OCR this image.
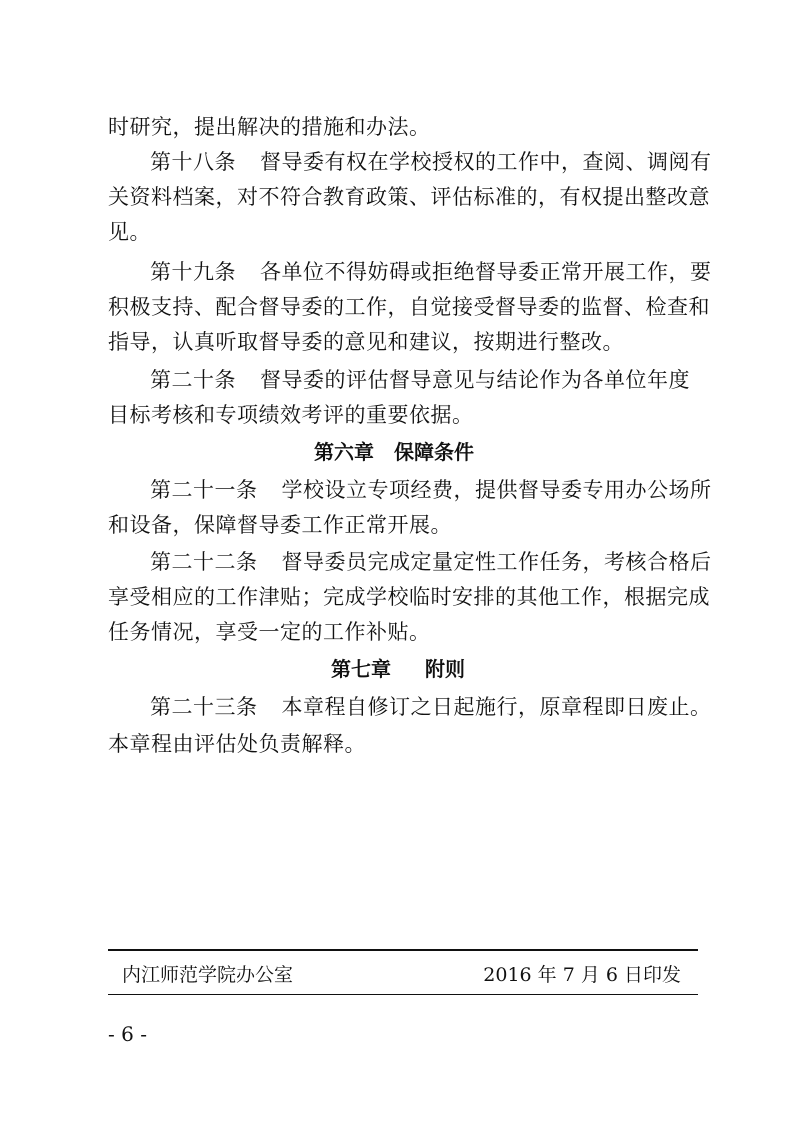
时研究，提出解决的措施和办法。
第十八条 督导委有权在学校授权的工作中，查阅、调阅有
关资料档案，对不符合教育政策、评估标准的，有权提出整改意
见。
第十九条 各单位不得妨碍或拒绝督导委正常开展工作，要
积极支持、配合督导委的工作，自觉接受督导委的监督、检查和
指导，认真听取督导委的意见和建议，按期进行整改。
第二十条 督导委的评估督导意见与结论作为各单位年度
目标考核和专项绩效考评的重要依据。
第六章 保障条件
第二十一条 学校设立专项经费，提供督导委专用办公场所
和设备，保障督导委工作正常开展。
第二十二条 督导委员完成定量定性工作任务，考核合格后
享受相应的工作津贴；完成学校临时安排的其他工作，根据完成
任务情况，享受一定的工作补贴。
第七章 附则
第二十三条 本章程自修订之日起施行，原章程即日废止。
本章程由评估处负责解释。
内江师范学院办公室	2016 年 7 月 6 日印发
- 6 -
